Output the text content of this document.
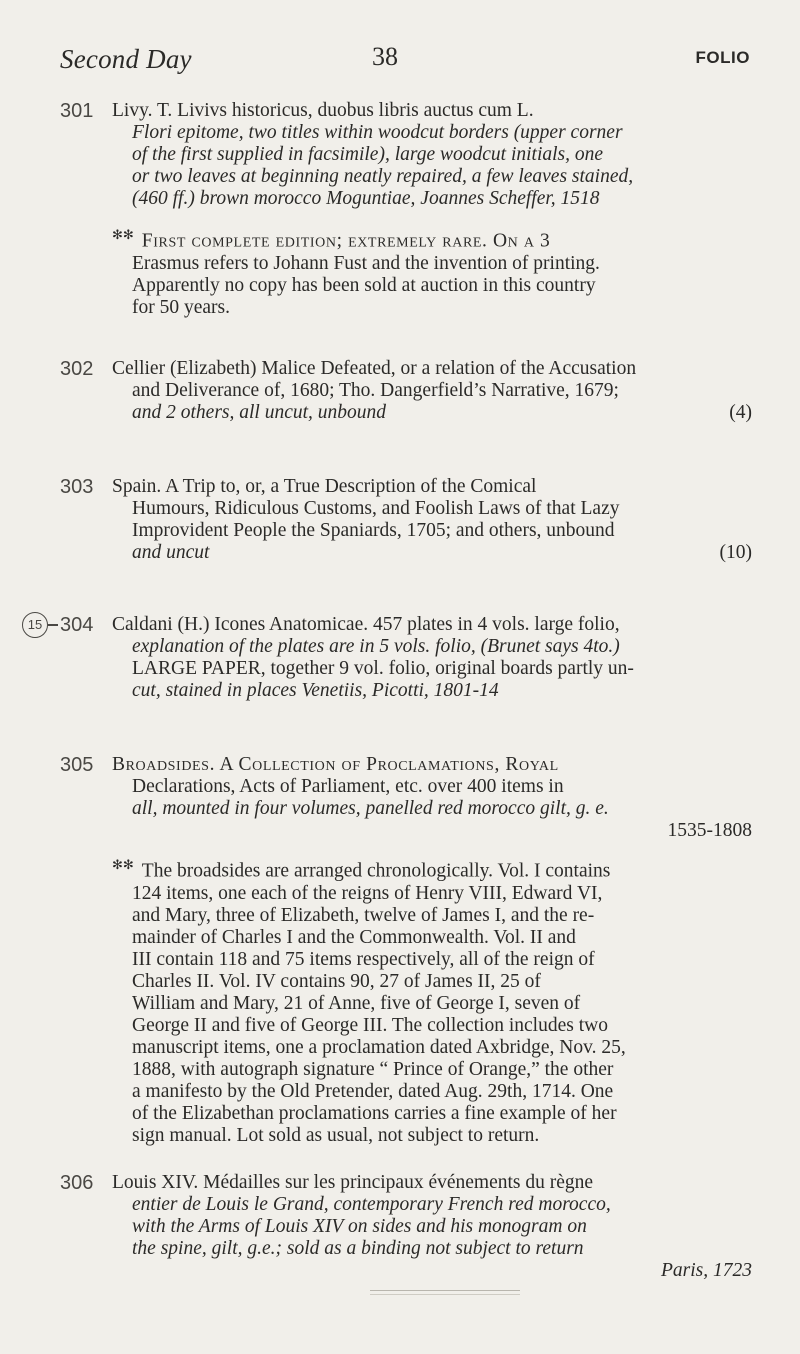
Second Day	38	FOLIO
301 Livy. T. Livivs historicus, duobus libris auctus cum L.
Flori epitome, two titles within woodcut borders (upper corner
of the first supplied in facsimile), large woodcut initials, one
or two leaves at beginning neatly repaired, a few leaves stained,
(460 ff.) brown morocco Moguntiae, Joannes Scheffer, 1518
✻✻ First complete edition; extremely rare. On a 3
Erasmus refers to Johann Fust and the invention of printing.
Apparently no copy has been sold at auction in this country
for 50 years.
302 Cellier (Elizabeth) Malice Defeated, or a relation of the Accusation
and Deliverance of, 1680; Tho. Dangerfield’s Narrative, 1679;
and 2 others, all uncut, unbound	(4)
303 Spain. A Trip to, or, a True Description of the Comical
Humours, Ridiculous Customs, and Foolish Laws of that Lazy
Improvident People the Spaniards, 1705; and others, unbound
and uncut	(10)
15 304 Caldani (H.) Icones Anatomicae. 457 plates in 4 vols. large folio,
explanation of the plates are in 5 vols. folio, (Brunet says 4to.)
LARGE PAPER, together 9 vol. folio, original boards partly un-
cut, stained in places Venetiis, Picotti, 1801-14
305 Broadsides. A Collection of Proclamations, Royal
Declarations, Acts of Parliament, etc. over 400 items in
all, mounted in four volumes, panelled red morocco gilt, g. e.
1535-1808
✻✻ The broadsides are arranged chronologically. Vol. I contains
124 items, one each of the reigns of Henry VIII, Edward VI,
and Mary, three of Elizabeth, twelve of James I, and the re-
mainder of Charles I and the Commonwealth. Vol. II and
III contain 118 and 75 items respectively, all of the reign of
Charles II. Vol. IV contains 90, 27 of James II, 25 of
William and Mary, 21 of Anne, five of George I, seven of
George II and five of George III. The collection includes two
manuscript items, one a proclamation dated Axbridge, Nov. 25,
1888, with autograph signature “ Prince of Orange,” the other
a manifesto by the Old Pretender, dated Aug. 29th, 1714. One
of the Elizabethan proclamations carries a fine example of her
sign manual. Lot sold as usual, not subject to return.
306 Louis XIV. Médailles sur les principaux événements du règne
entier de Louis le Grand, contemporary French red morocco,
with the Arms of Louis XIV on sides and his monogram on
the spine, gilt, g.e.; sold as a binding not subject to return
Paris, 1723
